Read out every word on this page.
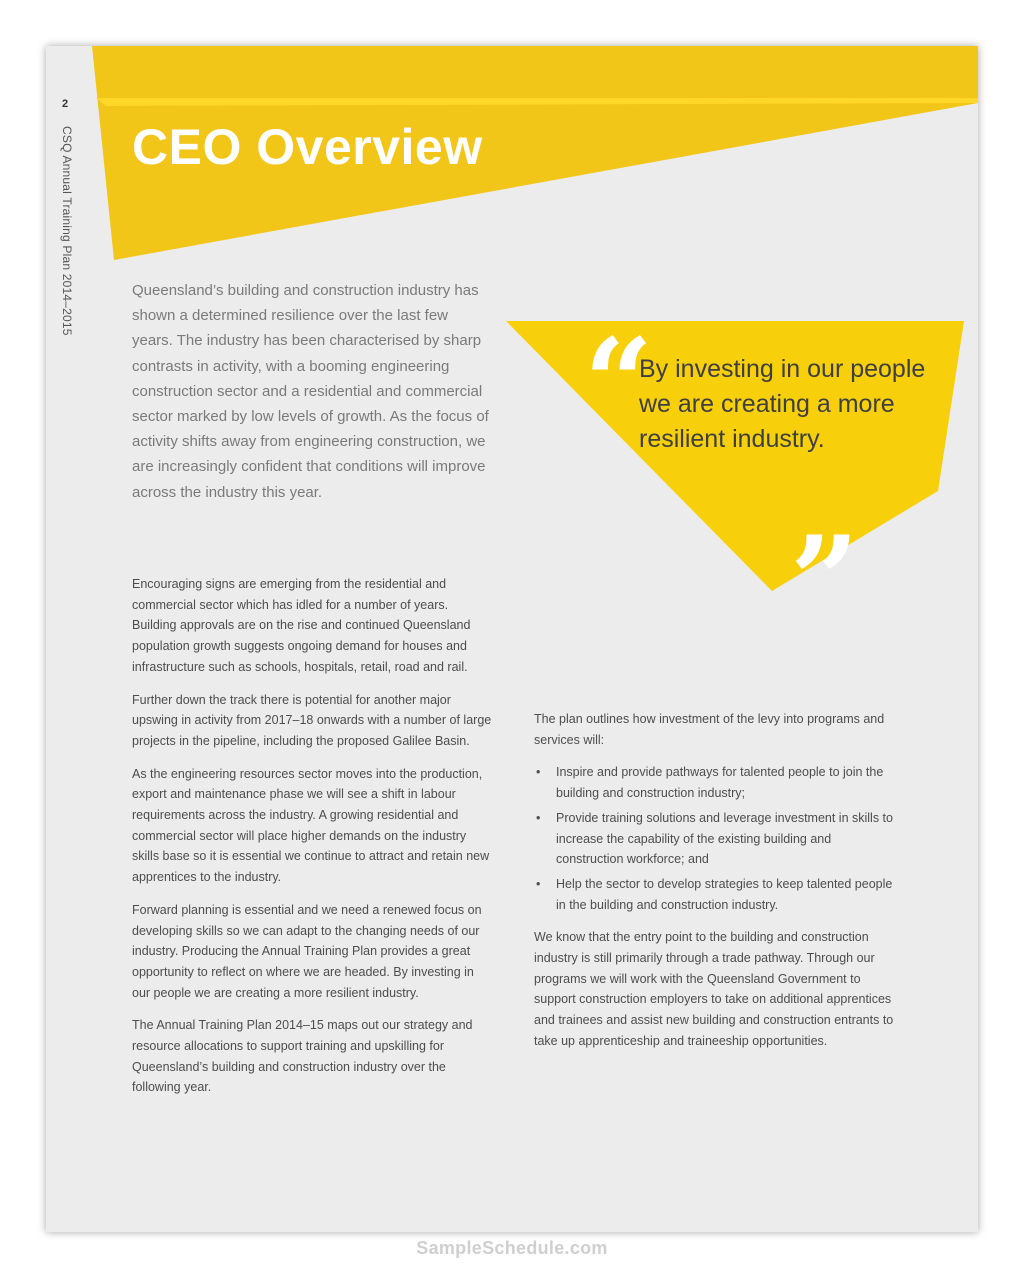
2
CSQ Annual Training Plan 2014–2015 CEO Overview

Queensland’s building and construction industry has shown a determined resilience over the last few years. The industry has been characterised by sharp contrasts in activity, with a booming engineering construction sector and a residential and commercial sector marked by low levels of growth. As the focus of activity shifts away from engineering construction, we are increasingly confident that conditions will improve across the industry this year.

“
”

By investing in our people we are creating a more resilient industry.

Encouraging signs are emerging from the residential and commercial sector which has idled for a number of years. Building approvals are on the rise and continued Queensland population growth suggests ongoing demand for houses and infrastructure such as schools, hospitals, retail, road and rail.

Further down the track there is potential for another major upswing in activity from 2017–18 onwards with a number of large projects in the pipeline, including the proposed Galilee Basin.

As the engineering resources sector moves into the production, export and maintenance phase we will see a shift in labour requirements across the industry. A growing residential and commercial sector will place higher demands on the industry skills base so it is essential we continue to attract and retain new apprentices to the industry.

Forward planning is essential and we need a renewed focus on developing skills so we can adapt to the changing needs of our industry. Producing the Annual Training Plan provides a great opportunity to reflect on where we are headed. By investing in our people we are creating a more resilient industry.

The Annual Training Plan 2014–15 maps out our strategy and resource allocations to support training and upskilling for Queensland’s building and construction industry over the following year.

The plan outlines how investment of the levy into programs and services will:

• Inspire and provide pathways for talented people to join the building and construction industry;
• Provide training solutions and leverage investment in skills to increase the capability of the existing building and construction workforce; and
• Help the sector to develop strategies to keep talented people in the building and construction industry.

We know that the entry point to the building and construction industry is still primarily through a trade pathway. Through our programs we will work with the Queensland Government to support construction employers to take on additional apprentices and trainees and assist new building and construction entrants to take up apprenticeship and traineeship opportunities.

SampleSchedule.com
